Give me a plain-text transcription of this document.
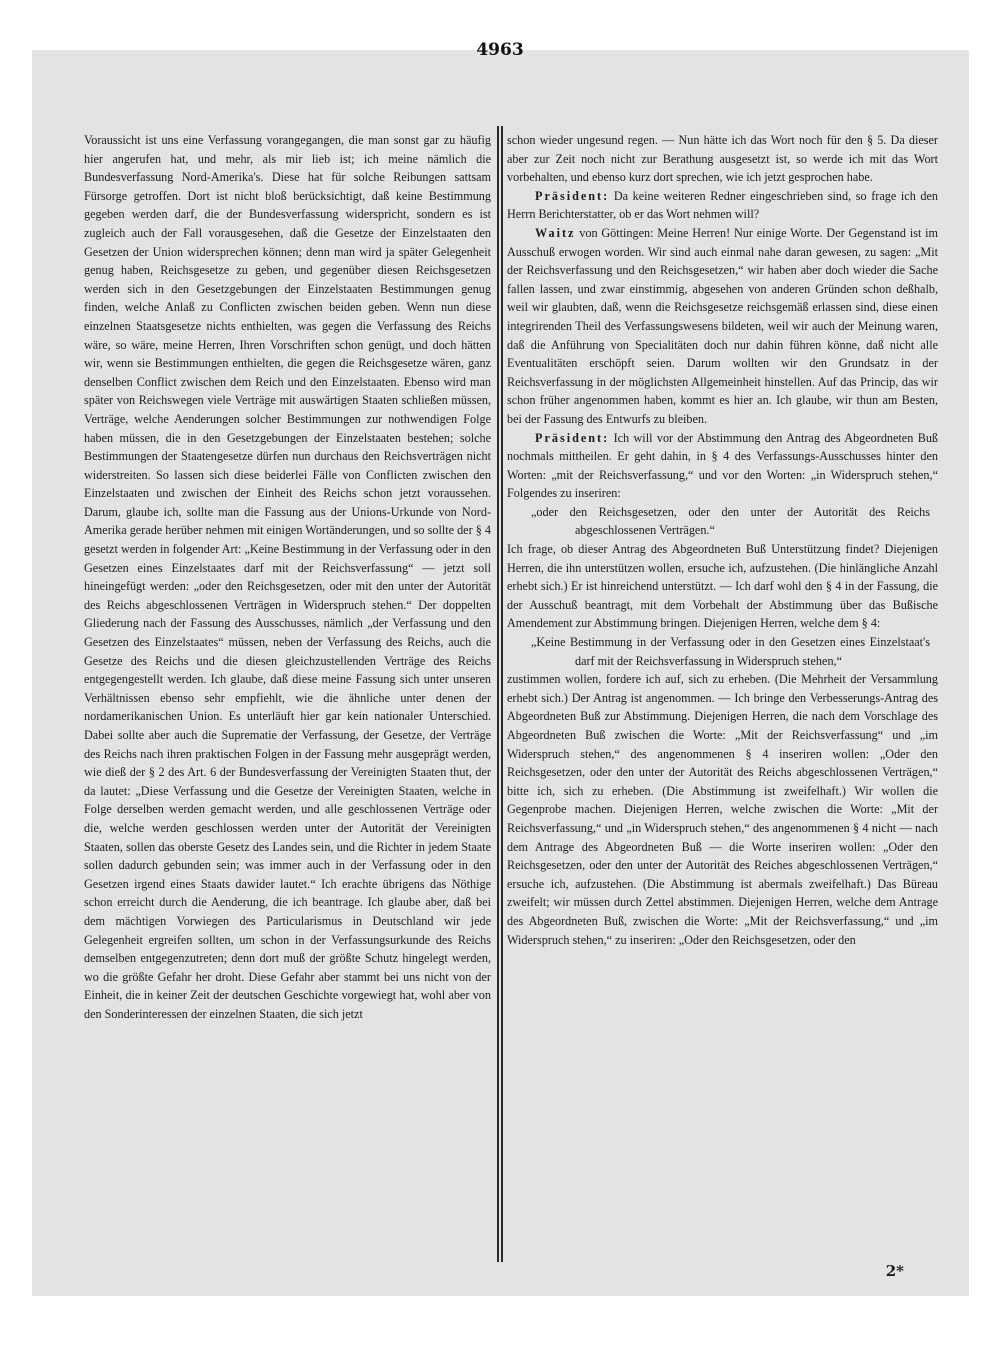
4963

Voraussicht ist uns eine Verfassung vorangegangen, die man sonst gar zu häufig hier angerufen hat, und mehr, als mir lieb ist; ich meine nämlich die Bundesverfassung Nord-Amerika's. Diese hat für solche Reibungen sattsam Fürsorge getroffen. Dort ist nicht bloß berücksichtigt, daß keine Bestimmung gegeben werden darf, die der Bundesverfassung widerspricht, sondern es ist zugleich auch der Fall vorausgesehen, daß die Gesetze der Einzelstaaten den Gesetzen der Union widersprechen können; denn man wird ja später Gelegenheit genug haben, Reichsgesetze zu geben, und gegenüber diesen Reichsgesetzen werden sich in den Gesetzgebungen der Einzelstaaten Bestimmungen genug finden, welche Anlaß zu Conflicten zwischen beiden geben. Wenn nun diese einzelnen Staatsgesetze nichts enthielten, was gegen die Verfassung des Reichs wäre, so wäre, meine Herren, Ihren Vorschriften schon genügt, und doch hätten wir, wenn sie Bestimmungen enthielten, die gegen die Reichsgesetze wären, ganz denselben Conflict zwischen dem Reich und den Einzelstaaten. Ebenso wird man später von Reichswegen viele Verträge mit auswärtigen Staaten schließen müssen, Verträge, welche Aenderungen solcher Bestimmungen zur nothwendigen Folge haben müssen, die in den Gesetzgebungen der Einzelstaaten bestehen; solche Bestimmungen der Staatengesetze dürfen nun durchaus den Reichsverträgen nicht widerstreiten. So lassen sich diese beiderlei Fälle von Conflicten zwischen den Einzelstaaten und zwischen der Einheit des Reichs schon jetzt voraussehen. Darum, glaube ich, sollte man die Fassung aus der Unions-Urkunde von Nord-Amerika gerade herüber nehmen mit einigen Wortänderungen, und so sollte der § 4 gesetzt werden in folgender Art: „Keine Bestimmung in der Verfassung oder in den Gesetzen eines Einzelstaates darf mit der Reichsverfassung“ — jetzt soll hineingefügt werden: „oder den Reichsgesetzen, oder mit den unter der Autorität des Reichs abgeschlossenen Verträgen in Widerspruch stehen.“ Der doppelten Gliederung nach der Fassung des Ausschusses, nämlich „der Verfassung und den Gesetzen des Einzelstaates“ müssen, neben der Verfassung des Reichs, auch die Gesetze des Reichs und die diesen gleichzustellenden Verträge des Reichs entgegengestellt werden. Ich glaube, daß diese meine Fassung sich unter unseren Verhältnissen ebenso sehr empfiehlt, wie die ähnliche unter denen der nordamerikanischen Union. Es unterläuft hier gar kein nationaler Unterschied. Dabei sollte aber auch die Suprematie der Verfassung, der Gesetze, der Verträge des Reichs nach ihren praktischen Folgen in der Fassung mehr ausgeprägt werden, wie dieß der § 2 des Art. 6 der Bundesverfassung der Vereinigten Staaten thut, der da lautet: „Diese Verfassung und die Gesetze der Vereinigten Staaten, welche in Folge derselben werden gemacht werden, und alle geschlossenen Verträge oder die, welche werden geschlossen werden unter der Autorität der Vereinigten Staaten, sollen das oberste Gesetz des Landes sein, und die Richter in jedem Staate sollen dadurch gebunden sein; was immer auch in der Verfassung oder in den Gesetzen irgend eines Staats dawider lautet.“ Ich erachte übrigens das Nöthige schon erreicht durch die Aenderung, die ich beantrage. Ich glaube aber, daß bei dem mächtigen Vorwiegen des Particularismus in Deutschland wir jede Gelegenheit ergreifen sollten, um schon in der Verfassungsurkunde des Reichs demselben entgegenzutreten; denn dort muß der größte Schutz hingelegt werden, wo die größte Gefahr her droht. Diese Gefahr aber stammt bei uns nicht von der Einheit, die in keiner Zeit der deutschen Geschichte vorgewiegt hat, wohl aber von den Sonderinteressen der einzelnen Staaten, die sich jetzt

schon wieder ungesund regen. — Nun hätte ich das Wort noch für den § 5. Da dieser aber zur Zeit noch nicht zur Berathung ausgesetzt ist, so werde ich mit das Wort vorbehalten, und ebenso kurz dort sprechen, wie ich jetzt gesprochen habe.

Präsident: Da keine weiteren Redner eingeschrieben sind, so frage ich den Herrn Berichterstatter, ob er das Wort nehmen will?

Waitz von Göttingen: Meine Herren! Nur einige Worte. Der Gegenstand ist im Ausschuß erwogen worden. Wir sind auch einmal nahe daran gewesen, zu sagen: „Mit der Reichsverfassung und den Reichsgesetzen,“ wir haben aber doch wieder die Sache fallen lassen, und zwar einstimmig, abgesehen von anderen Gründen schon deßhalb, weil wir glaubten, daß, wenn die Reichsgesetze reichsgemäß erlassen sind, diese einen integrirenden Theil des Verfassungswesens bildeten, weil wir auch der Meinung waren, daß die Anführung von Specialitäten doch nur dahin führen könne, daß nicht alle Eventualitäten erschöpft seien. Darum wollten wir den Grundsatz in der Reichsverfassung in der möglichsten Allgemeinheit hinstellen. Auf das Princip, das wir schon früher angenommen haben, kommt es hier an. Ich glaube, wir thun am Besten, bei der Fassung des Entwurfs zu bleiben.

Präsident: Ich will vor der Abstimmung den Antrag des Abgeordneten Buß nochmals mittheilen. Er geht dahin, in § 4 des Verfassungs-Ausschusses hinter den Worten: „mit der Reichsverfassung,“ und vor den Worten: „in Widerspruch stehen,“ Folgendes zu inseriren:

„oder den Reichsgesetzen, oder den unter der Autorität des Reichs abgeschlossenen Verträgen.“

Ich frage, ob dieser Antrag des Abgeordneten Buß Unterstützung findet? Diejenigen Herren, die ihn unterstützen wollen, ersuche ich, aufzustehen. (Die hinlängliche Anzahl erhebt sich.) Er ist hinreichend unterstützt. — Ich darf wohl den § 4 in der Fassung, die der Ausschuß beantragt, mit dem Vorbehalt der Abstimmung über das Bußische Amendement zur Abstimmung bringen. Diejenigen Herren, welche dem § 4:

„Keine Bestimmung in der Verfassung oder in den Gesetzen eines Einzelstaat's darf mit der Reichsverfassung in Widerspruch stehen,“

zustimmen wollen, fordere ich auf, sich zu erheben. (Die Mehrheit der Versammlung erhebt sich.) Der Antrag ist angenommen. — Ich bringe den Verbesserungs-Antrag des Abgeordneten Buß zur Abstimmung. Diejenigen Herren, die nach dem Vorschlage des Abgeordneten Buß zwischen die Worte: „Mit der Reichsverfassung“ und „im Widerspruch stehen,“ des angenommenen § 4 inseriren wollen: „Oder den Reichsgesetzen, oder den unter der Autorität des Reichs abgeschlossenen Verträgen,“ bitte ich, sich zu erheben. (Die Abstimmung ist zweifelhaft.) Wir wollen die Gegenprobe machen. Diejenigen Herren, welche zwischen die Worte: „Mit der Reichsverfassung,“ und „in Widerspruch stehen,“ des angenommenen § 4 nicht — nach dem Antrage des Abgeordneten Buß — die Worte inseriren wollen: „Oder den Reichsgesetzen, oder den unter der Autorität des Reiches abgeschlossenen Verträgen,“ ersuche ich, aufzustehen. (Die Abstimmung ist abermals zweifelhaft.) Das Büreau zweifelt; wir müssen durch Zettel abstimmen. Diejenigen Herren, welche dem Antrage des Abgeordneten Buß, zwischen die Worte: „Mit der Reichsverfassung,“ und „im Widerspruch stehen,“ zu inseriren: „Oder den Reichsgesetzen, oder den

2*
